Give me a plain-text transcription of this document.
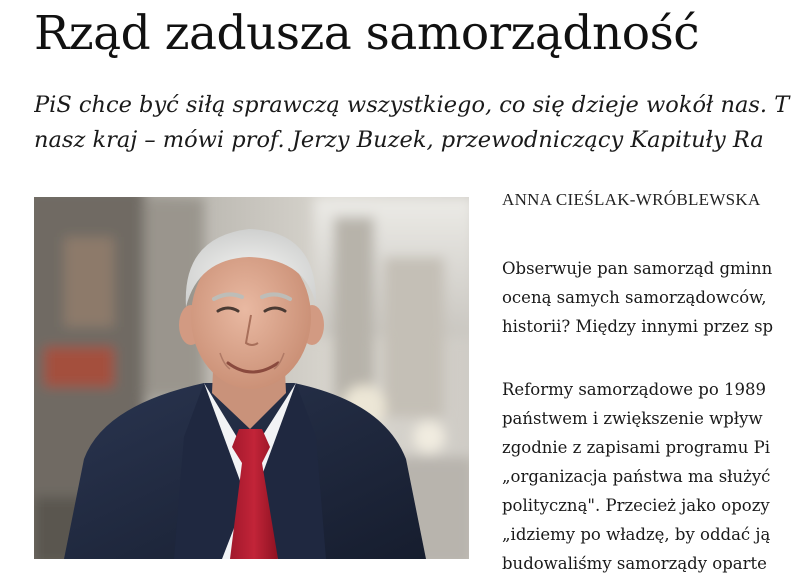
Rząd zadusza samorządność
PiS chce być siłą sprawczą wszystkiego, co się dzieje wokół nas. T
nasz kraj – mówi prof. Jerzy Buzek, przewodniczący Kapituły Ra
ANNA CIEŚLAK-WRÓBLEWSKA
Obserwuje pan samorząd gminn
oceną samych samorządowców,
historii? Między innymi przez sp
Reformy samorządowe po 1989
państwem i zwiększenie wpływ
zgodnie z zapisami programu Pi
„organizacja państwa ma służyć
polityczną". Przecież jako opozy
„idziemy po władzę, by oddać ją
budowaliśmy samorządy oparte
